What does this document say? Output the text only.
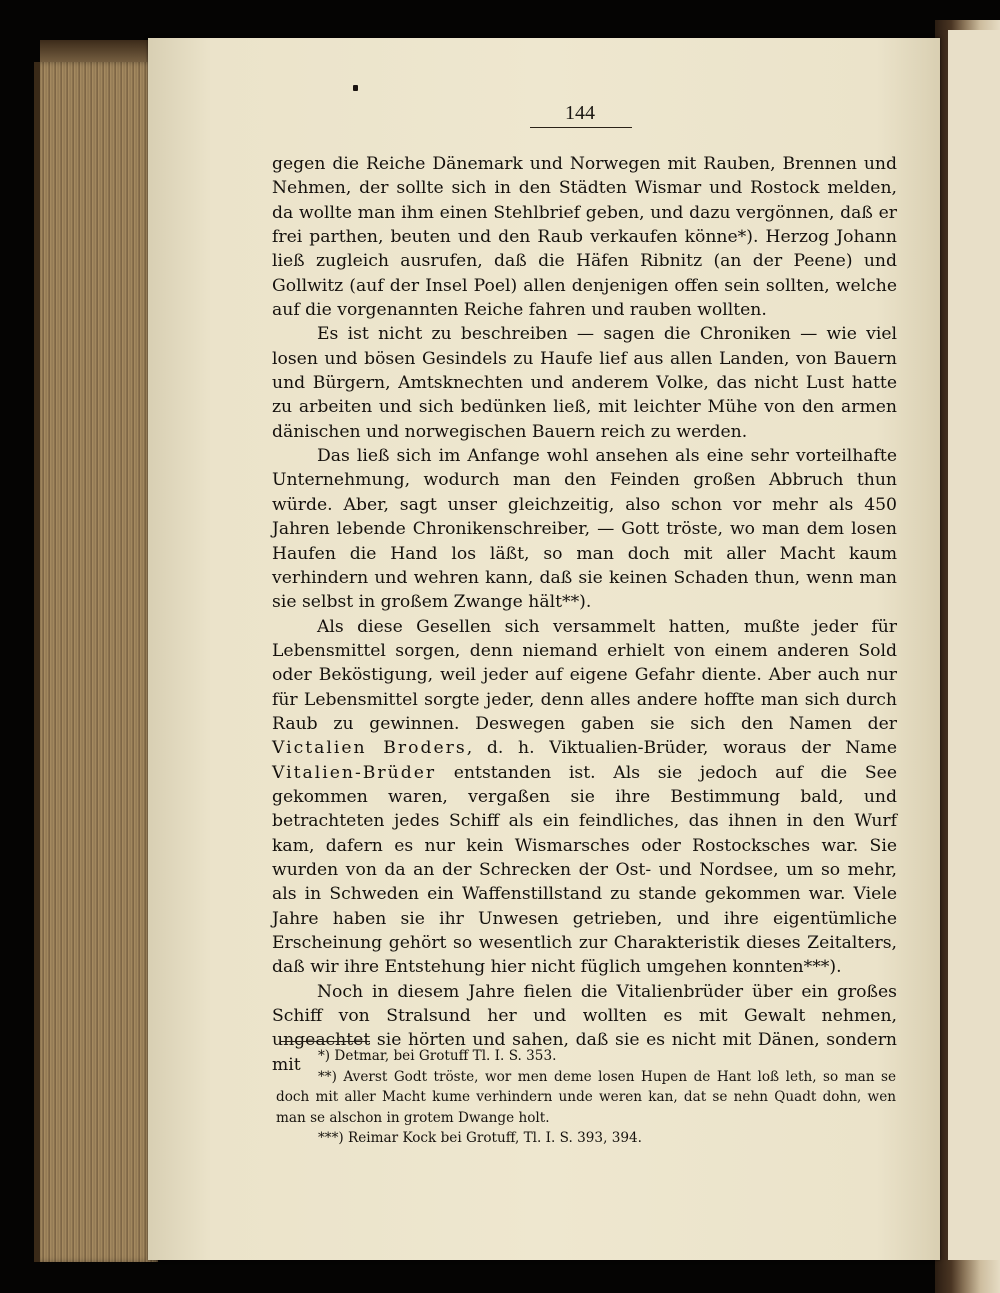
144

gegen die Reiche Dänemark und Norwegen mit Rauben, Brennen und Nehmen, der sollte sich in den Städten Wismar und Rostock melden, da wollte man ihm einen Stehlbrief geben, und dazu vergönnen, daß er frei parthen, beuten und den Raub verkaufen könne*). Herzog Johann ließ zugleich ausrufen, daß die Häfen Ribnitz (an der Peene) und Gollwitz (auf der Insel Poel) allen denjenigen offen sein sollten, welche auf die vorgenannten Reiche fahren und rauben wollten.

Es ist nicht zu beschreiben — sagen die Chroniken — wie viel losen und bösen Gesindels zu Haufe lief aus allen Landen, von Bauern und Bürgern, Amtsknechten und anderem Volke, das nicht Lust hatte zu arbeiten und sich bedünken ließ, mit leichter Mühe von den armen dänischen und norwegischen Bauern reich zu werden.

Das ließ sich im Anfange wohl ansehen als eine sehr vorteilhafte Unternehmung, wodurch man den Feinden großen Abbruch thun würde. Aber, sagt unser gleichzeitig, also schon vor mehr als 450 Jahren lebende Chronikenschreiber, — Gott tröste, wo man dem losen Haufen die Hand los läßt, so man doch mit aller Macht kaum verhindern und wehren kann, daß sie keinen Schaden thun, wenn man sie selbst in großem Zwange hält**).

Als diese Gesellen sich versammelt hatten, mußte jeder für Lebensmittel sorgen, denn niemand erhielt von einem anderen Sold oder Beköstigung, weil jeder auf eigene Gefahr diente. Aber auch nur für Lebensmittel sorgte jeder, denn alles andere hoffte man sich durch Raub zu gewinnen. Deswegen gaben sie sich den Namen der Victalien Broders, d. h. Viktualien-Brüder, woraus der Name Vitalien-Brüder entstanden ist. Als sie jedoch auf die See gekommen waren, vergaßen sie ihre Bestimmung bald, und betrachteten jedes Schiff als ein feindliches, das ihnen in den Wurf kam, dafern es nur kein Wismarsches oder Rostocksches war. Sie wurden von da an der Schrecken der Ost- und Nordsee, um so mehr, als in Schweden ein Waffenstillstand zu stande gekommen war. Viele Jahre haben sie ihr Unwesen getrieben, und ihre eigentümliche Erscheinung gehört so wesentlich zur Charakteristik dieses Zeitalters, daß wir ihre Entstehung hier nicht füglich umgehen konnten***).

Noch in diesem Jahre fielen die Vitalienbrüder über ein großes Schiff von Stralsund her und wollten es mit Gewalt nehmen, ungeachtet sie hörten und sahen, daß sie es nicht mit Dänen, sondern mit	*) Detmar, bei Grotuff Tl. I. S. 353.

**) Averst Godt tröste, wor men deme losen Hupen de Hant loß leth, so man se doch mit aller Macht kume verhindern unde weren kan, dat se nehn Quadt dohn, wen man se alschon in grotem Dwange holt.

***) Reimar Kock bei Grotuff, Tl. I. S. 393, 394.
